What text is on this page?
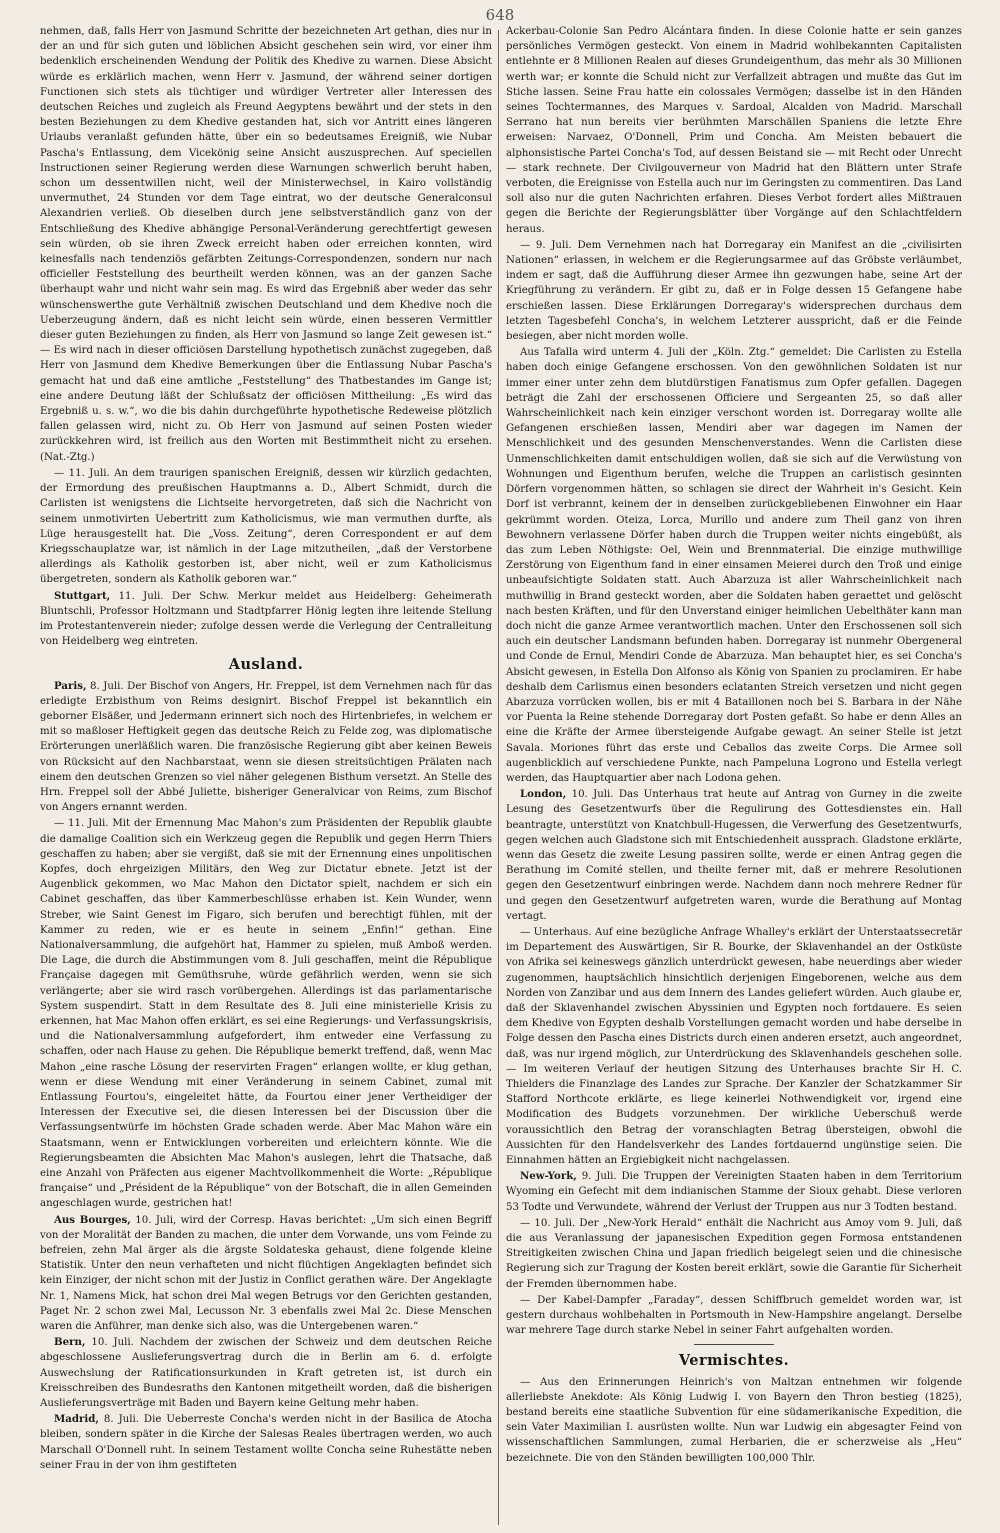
648

nehmen, daß, falls Herr von Jasmund Schritte der bezeichneten Art gethan, dies nur in der an und für sich guten und löblichen Absicht geschehen sein wird, vor einer ihm bedenklich erscheinenden Wendung der Politik des Khedive zu warnen. Diese Absicht würde es erklärlich machen, wenn Herr v. Jasmund, der während seiner dortigen Functionen sich stets als tüchtiger und würdiger Vertreter aller Interessen des deutschen Reiches und zugleich als Freund Aegyptens bewährt und der stets in den besten Beziehungen zu dem Khedive gestanden hat, sich vor Antritt eines längeren Urlaubs veranlaßt gefunden hätte, über ein so bedeutsames Ereigniß, wie Nubar Pascha's Entlassung, dem Vicekönig seine Ansicht auszusprechen. Auf speciellen Instructionen seiner Regierung werden diese Warnungen schwerlich beruht haben, schon um dessentwillen nicht, weil der Ministerwechsel, in Kairo vollständig unvermuthet, 24 Stunden vor dem Tage eintrat, wo der deutsche Generalconsul Alexandrien verließ. Ob dieselben durch jene selbstverständlich ganz von der Entschließung des Khedive abhängige Personal-Veränderung gerechtfertigt gewesen sein würden, ob sie ihren Zweck erreicht haben oder erreichen konnten, wird keinesfalls nach tendenziös gefärbten Zeitungs-Correspondenzen, sondern nur nach officieller Feststellung des beurtheilt werden können, was an der ganzen Sache überhaupt wahr und nicht wahr sein mag. Es wird das Ergebniß aber weder das sehr wünschenswerthe gute Verhältniß zwischen Deutschland und dem Khedive noch die Ueberzeugung ändern, daß es nicht leicht sein würde, einen besseren Vermittler dieser guten Beziehungen zu finden, als Herr von Jasmund so lange Zeit gewesen ist.“ — Es wird nach in dieser officiösen Darstellung hypothetisch zunächst zugegeben, daß Herr von Jasmund dem Khedive Bemerkungen über die Entlassung Nubar Pascha's gemacht hat und daß eine amtliche „Feststellung“ des Thatbestandes im Gange ist; eine andere Deutung läßt der Schlußsatz der officiösen Mittheilung: „Es wird das Ergebniß u. s. w.“, wo die bis dahin durchgeführte hypothetische Redeweise plötzlich fallen gelassen wird, nicht zu. Ob Herr von Jasmund auf seinen Posten wieder zurückkehren wird, ist freilich aus den Worten mit Bestimmtheit nicht zu ersehen. (Nat.-Ztg.)

— 11. Juli. An dem traurigen spanischen Ereigniß, dessen wir kürzlich gedachten, der Ermordung des preußischen Hauptmanns a. D., Albert Schmidt, durch die Carlisten ist wenigstens die Lichtseite hervorgetreten, daß sich die Nachricht von seinem unmotivirten Uebertritt zum Katholicismus, wie man vermuthen durfte, als Lüge herausgestellt hat. Die „Voss. Zeitung“, deren Correspondent er auf dem Kriegsschauplatze war, ist nämlich in der Lage mitzutheilen, „daß der Verstorbene allerdings als Katholik gestorben ist, aber nicht, weil er zum Katholicismus übergetreten, sondern als Katholik geboren war.“

Stuttgart, 11. Juli. Der Schw. Merkur meldet aus Heidelberg: Geheimerath Bluntschli, Professor Holtzmann und Stadtpfarrer Hönig legten ihre leitende Stellung im Protestantenverein nieder; zufolge dessen werde die Verlegung der Centralleitung von Heidelberg weg eintreten.

Ausland.

Paris, 8. Juli. Der Bischof von Angers, Hr. Freppel, ist dem Vernehmen nach für das erledigte Erzbisthum von Reims designirt. Bischof Freppel ist bekanntlich ein geborner Elsäßer, und Jedermann erinnert sich noch des Hirtenbriefes, in welchem er mit so maßloser Heftigkeit gegen das deutsche Reich zu Felde zog, was diplomatische Erörterungen unerläßlich waren. Die französische Regierung gibt aber keinen Beweis von Rücksicht auf den Nachbarstaat, wenn sie diesen streitsüchtigen Prälaten nach einem den deutschen Grenzen so viel näher gelegenen Bisthum versetzt. An Stelle des Hrn. Freppel soll der Abbé Juliette, bisheriger Generalvicar von Reims, zum Bischof von Angers ernannt werden.

— 11. Juli. Mit der Ernennung Mac Mahon's zum Präsidenten der Republik glaubte die damalige Coalition sich ein Werkzeug gegen die Republik und gegen Herrn Thiers geschaffen zu haben; aber sie vergißt, daß sie mit der Ernennung eines unpolitischen Kopfes, doch ehrgeizigen Militärs, den Weg zur Dictatur ebnete. Jetzt ist der Augenblick gekommen, wo Mac Mahon den Dictator spielt, nachdem er sich ein Cabinet geschaffen, das über Kammerbeschlüsse erhaben ist. Kein Wunder, wenn Streber, wie Saint Genest im Figaro, sich berufen und berechtigt fühlen, mit der Kammer zu reden, wie er es heute in seinem „Enfin!“ gethan. Eine Nationalversammlung, die aufgehört hat, Hammer zu spielen, muß Amboß werden. Die Lage, die durch die Abstimmungen vom 8. Juli geschaffen, meint die République Française dagegen mit Gemüthsruhe, würde gefährlich werden, wenn sie sich verlängerte; aber sie wird rasch vorübergehen. Allerdings ist das parlamentarische System suspendirt. Statt in dem Resultate des 8. Juli eine ministerielle Krisis zu erkennen, hat Mac Mahon offen erklärt, es sei eine Regierungs- und Verfassungskrisis, und die Nationalversammlung aufgefordert, ihm entweder eine Verfassung zu schaffen, oder nach Hause zu gehen. Die République bemerkt treffend, daß, wenn Mac Mahon „eine rasche Lösung der reservirten Fragen“ erlangen wollte, er klug gethan, wenn er diese Wendung mit einer Veränderung in seinem Cabinet, zumal mit Entlassung Fourtou's, eingeleitet hätte, da Fourtou einer jener Vertheidiger der Interessen der Executive sei, die diesen Interessen bei der Discussion über die Verfassungsentwürfe im höchsten Grade schaden werde. Aber Mac Mahon wäre ein Staatsmann, wenn er Entwicklungen vorbereiten und erleichtern könnte. Wie die Regierungsbeamten die Absichten Mac Mahon's auslegen, lehrt die Thatsache, daß eine Anzahl von Präfecten aus eigener Machtvollkommenheit die Worte: „République française“ und „Président de la République“ von der Botschaft, die in allen Gemeinden angeschlagen wurde, gestrichen hat!

Aus Bourges, 10. Juli, wird der Corresp. Havas berichtet: „Um sich einen Begriff von der Moralität der Banden zu machen, die unter dem Vorwande, uns vom Feinde zu befreien, zehn Mal ärger als die ärgste Soldateska gehaust, diene folgende kleine Statistik. Unter den neun verhafteten und nicht flüchtigen Angeklagten befindet sich kein Einziger, der nicht schon mit der Justiz in Conflict gerathen wäre. Der Angeklagte Nr. 1, Namens Mick, hat schon drei Mal wegen Betrugs vor den Gerichten gestanden, Paget Nr. 2 schon zwei Mal, Lecusson Nr. 3 ebenfalls zwei Mal 2c. Diese Menschen waren die Anführer, man denke sich also, was die Untergebenen waren.“

Bern, 10. Juli. Nachdem der zwischen der Schweiz und dem deutschen Reiche abgeschlossene Auslieferungsvertrag durch die in Berlin am 6. d. erfolgte Auswechslung der Ratificationsurkunden in Kraft getreten ist, ist durch ein Kreisschreiben des Bundesraths den Kantonen mitgetheilt worden, daß die bisherigen Auslieferungsverträge mit Baden und Bayern keine Geltung mehr haben.

Madrid, 8. Juli. Die Ueberreste Concha's werden nicht in der Basilica de Atocha bleiben, sondern später in die Kirche der Salesas Reales übertragen werden, wo auch Marschall O'Donnell ruht. In seinem Testament wollte Concha seine Ruhestätte neben seiner Frau in der von ihm gestifteten

Ackerbau-Colonie San Pedro Alcántara finden. In diese Colonie hatte er sein ganzes persönliches Vermögen gesteckt. Von einem in Madrid wohlbekannten Capitalisten entlehnte er 8 Millionen Realen auf dieses Grundeigenthum, das mehr als 30 Millionen werth war; er konnte die Schuld nicht zur Verfallzeit abtragen und mußte das Gut im Stiche lassen. Seine Frau hatte ein colossales Vermögen; dasselbe ist in den Händen seines Tochtermannes, des Marques v. Sardoal, Alcalden von Madrid. Marschall Serrano hat nun bereits vier berühmten Marschällen Spaniens die letzte Ehre erweisen: Narvaez, O'Donnell, Prim und Concha. Am Meisten bebauert die alphonsistische Partei Concha's Tod, auf dessen Beistand sie — mit Recht oder Unrecht — stark rechnete. Der Civilgouverneur von Madrid hat den Blättern unter Strafe verboten, die Ereignisse von Estella auch nur im Geringsten zu commentiren. Das Land soll also nur die guten Nachrichten erfahren. Dieses Verbot fordert alles Mißtrauen gegen die Berichte der Regierungsblätter über Vorgänge auf den Schlachtfeldern heraus.

— 9. Juli. Dem Vernehmen nach hat Dorregaray ein Manifest an die „civilisirten Nationen“ erlassen, in welchem er die Regierungsarmee auf das Gröbste verläumbet, indem er sagt, daß die Aufführung dieser Armee ihn gezwungen habe, seine Art der Kriegführung zu verändern. Er gibt zu, daß er in Folge dessen 15 Gefangene habe erschießen lassen. Diese Erklärungen Dorregaray's widersprechen durchaus dem letzten Tagesbefehl Concha's, in welchem Letzterer ausspricht, daß er die Feinde besiegen, aber nicht morden wolle.

Aus Tafalla wird unterm 4. Juli der „Köln. Ztg.“ gemeldet: Die Carlisten zu Estella haben doch einige Gefangene erschossen. Von den gewöhnlichen Soldaten ist nur immer einer unter zehn dem blutdürstigen Fanatismus zum Opfer gefallen. Dagegen beträgt die Zahl der erschossenen Officiere und Sergeanten 25, so daß aller Wahrscheinlichkeit nach kein einziger verschont worden ist. Dorregaray wollte alle Gefangenen erschießen lassen, Mendiri aber war dagegen im Namen der Menschlichkeit und des gesunden Menschenverstandes. Wenn die Carlisten diese Unmenschlichkeiten damit entschuldigen wollen, daß sie sich auf die Verwüstung von Wohnungen und Eigenthum berufen, welche die Truppen an carlistisch gesinnten Dörfern vorgenommen hätten, so schlagen sie direct der Wahrheit in's Gesicht. Kein Dorf ist verbrannt, keinem der in denselben zurückgebliebenen Einwohner ein Haar gekrümmt worden. Oteiza, Lorca, Murillo und andere zum Theil ganz von ihren Bewohnern verlassene Dörfer haben durch die Truppen weiter nichts eingebüßt, als das zum Leben Nöthigste: Oel, Wein und Brennmaterial. Die einzige muthwillige Zerstörung von Eigenthum fand in einer einsamen Meierei durch den Troß und einige unbeaufsichtigte Soldaten statt. Auch Abarzuza ist aller Wahrscheinlichkeit nach muthwillig in Brand gesteckt worden, aber die Soldaten haben geraettet und gelöscht nach besten Kräften, und für den Unverstand einiger heimlichen Uebelthäter kann man doch nicht die ganze Armee verantwortlich machen. Unter den Erschossenen soll sich auch ein deutscher Landsmann befunden haben. Dorregaray ist nunmehr Obergeneral und Conde de Ernul, Mendiri Conde de Abarzuza. Man behauptet hier, es sei Concha's Absicht gewesen, in Estella Don Alfonso als König von Spanien zu proclamiren. Er habe deshalb dem Carlismus einen besonders eclatanten Streich versetzen und nicht gegen Abarzuza vorrücken wollen, bis er mit 4 Bataillonen noch bei S. Barbara in der Nähe vor Puenta la Reine stehende Dorregaray dort Posten gefaßt. So habe er denn Alles an eine die Kräfte der Armee übersteigende Aufgabe gewagt. An seiner Stelle ist jetzt Savala. Moriones führt das erste und Ceballos das zweite Corps. Die Armee soll augenblicklich auf verschiedene Punkte, nach Pampeluna Logrono und Estella verlegt werden, das Hauptquartier aber nach Lodona gehen.

London, 10. Juli. Das Unterhaus trat heute auf Antrag von Gurney in die zweite Lesung des Gesetzentwurfs über die Regulirung des Gottesdienstes ein. Hall beantragte, unterstützt von Knatchbull-Hugessen, die Verwerfung des Gesetzentwurfs, gegen welchen auch Gladstone sich mit Entschiedenheit aussprach. Gladstone erklärte, wenn das Gesetz die zweite Lesung passiren sollte, werde er einen Antrag gegen die Berathung im Comité stellen, und theilte ferner mit, daß er mehrere Resolutionen gegen den Gesetzentwurf einbringen werde. Nachdem dann noch mehrere Redner für und gegen den Gesetzentwurf aufgetreten waren, wurde die Berathung auf Montag vertagt.

— Unterhaus. Auf eine bezügliche Anfrage Whalley's erklärt der Unterstaatssecretär im Departement des Auswärtigen, Sir R. Bourke, der Sklavenhandel an der Ostküste von Afrika sei keineswegs gänzlich unterdrückt gewesen, habe neuerdings aber wieder zugenommen, hauptsächlich hinsichtlich derjenigen Eingeborenen, welche aus dem Norden von Zanzibar und aus dem Innern des Landes geliefert würden. Auch glaube er, daß der Sklavenhandel zwischen Abyssinien und Egypten noch fortdauere. Es seien dem Khedive von Egypten deshalb Vorstellungen gemacht worden und habe derselbe in Folge dessen den Pascha eines Districts durch einen anderen ersetzt, auch angeordnet, daß, was nur irgend möglich, zur Unterdrückung des Sklavenhandels geschehen solle. — Im weiteren Verlauf der heutigen Sitzung des Unterhauses brachte Sir H. C. Thielders die Finanzlage des Landes zur Sprache. Der Kanzler der Schatzkammer Sir Stafford Northcote erklärte, es liege keinerlei Nothwendigkeit vor, irgend eine Modification des Budgets vorzunehmen. Der wirkliche Ueberschuß werde voraussichtlich den Betrag der voranschlagten Betrag übersteigen, obwohl die Aussichten für den Handelsverkehr des Landes fortdauernd ungünstige seien. Die Einnahmen hätten an Ergiebigkeit nicht nachgelassen.

New-York, 9. Juli. Die Truppen der Vereinigten Staaten haben in dem Territorium Wyoming ein Gefecht mit dem indianischen Stamme der Sioux gehabt. Diese verloren 53 Todte und Verwundete, während der Verlust der Truppen aus nur 3 Todten bestand.

— 10. Juli. Der „New-York Herald“ enthält die Nachricht aus Amoy vom 9. Juli, daß die aus Veranlassung der japanesischen Expedition gegen Formosa entstandenen Streitigkeiten zwischen China und Japan friedlich beigelegt seien und die chinesische Regierung sich zur Tragung der Kosten bereit erklärt, sowie die Garantie für Sicherheit der Fremden übernommen habe.

— Der Kabel-Dampfer „Faraday“, dessen Schiffbruch gemeldet worden war, ist gestern durchaus wohlbehalten in Portsmouth in New-Hampshire angelangt. Derselbe war mehrere Tage durch starke Nebel in seiner Fahrt aufgehalten worden.

Vermischtes.

— Aus den Erinnerungen Heinrich's von Maltzan entnehmen wir folgende allerliebste Anekdote: Als König Ludwig I. von Bayern den Thron bestieg (1825), bestand bereits eine staatliche Subvention für eine südamerikanische Expedition, die sein Vater Maximilian I. ausrüsten wollte. Nun war Ludwig ein abgesagter Feind von wissenschaftlichen Sammlungen, zumal Herbarien, die er scherzweise als „Heu“ bezeichnete. Die von den Ständen bewilligten 100,000 Thlr.
